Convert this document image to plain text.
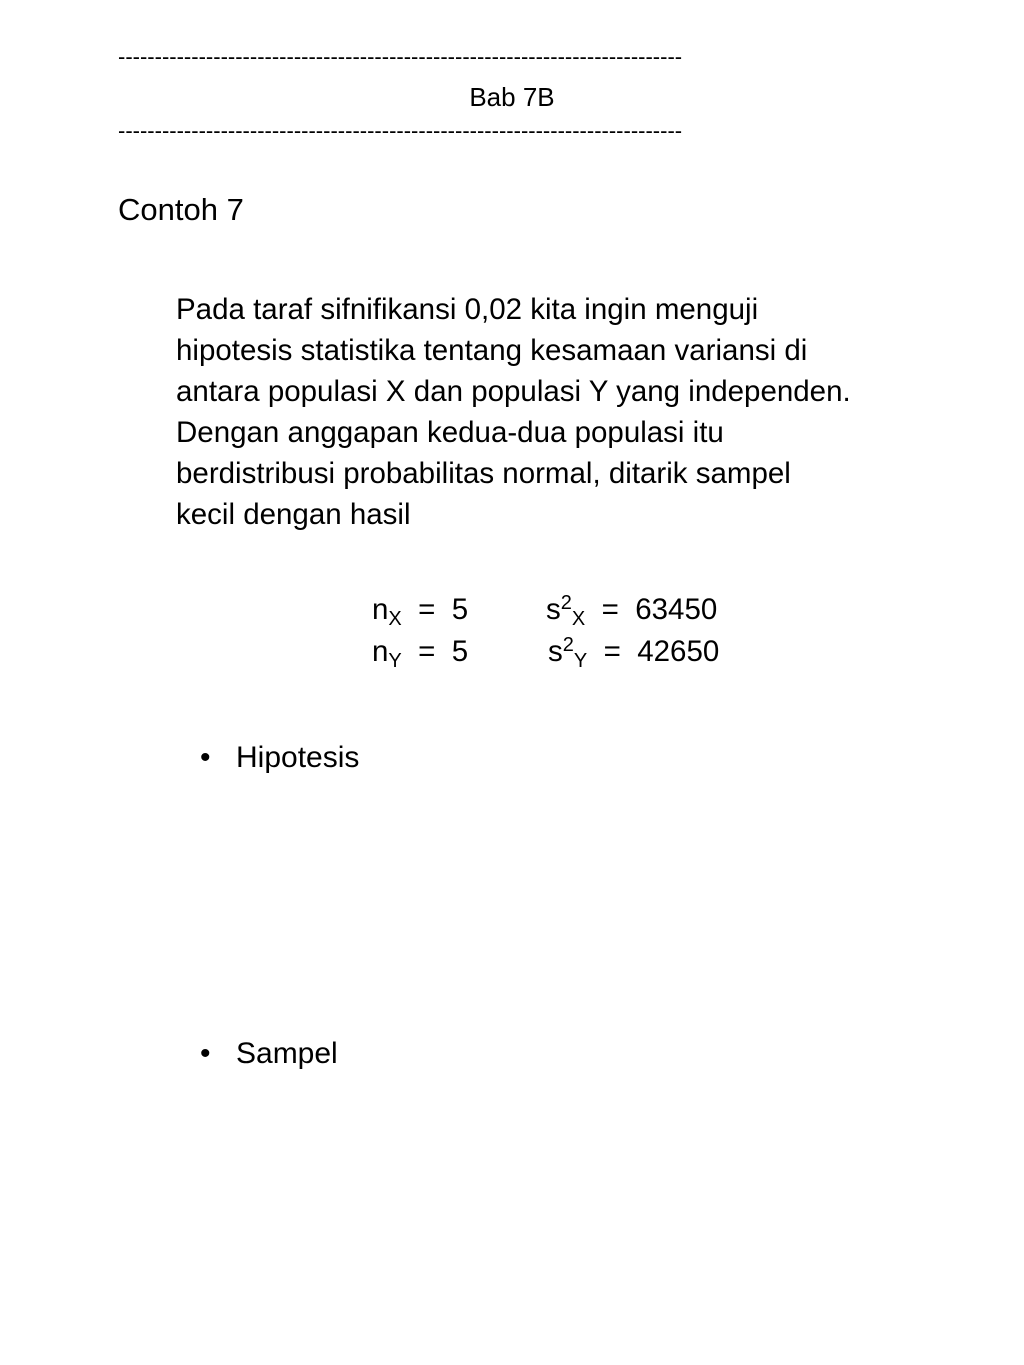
-----------------------------------------------------------------------------
Bab 7B
-----------------------------------------------------------------------------
Contoh 7
Pada taraf sifnifikansi 0,02 kita ingin menguji
hipotesis statistika tentang kesamaan variansi di
antara populasi X dan populasi Y yang independen.
Dengan anggapan kedua-dua populasi itu
berdistribusi probabilitas normal, ditarik sampel
kecil dengan hasil
$n_X = 5$	$s^2_X = 63450$
$n_Y = 5$	$s^2_Y = 42650$
• Hipotesis
• Sampel
